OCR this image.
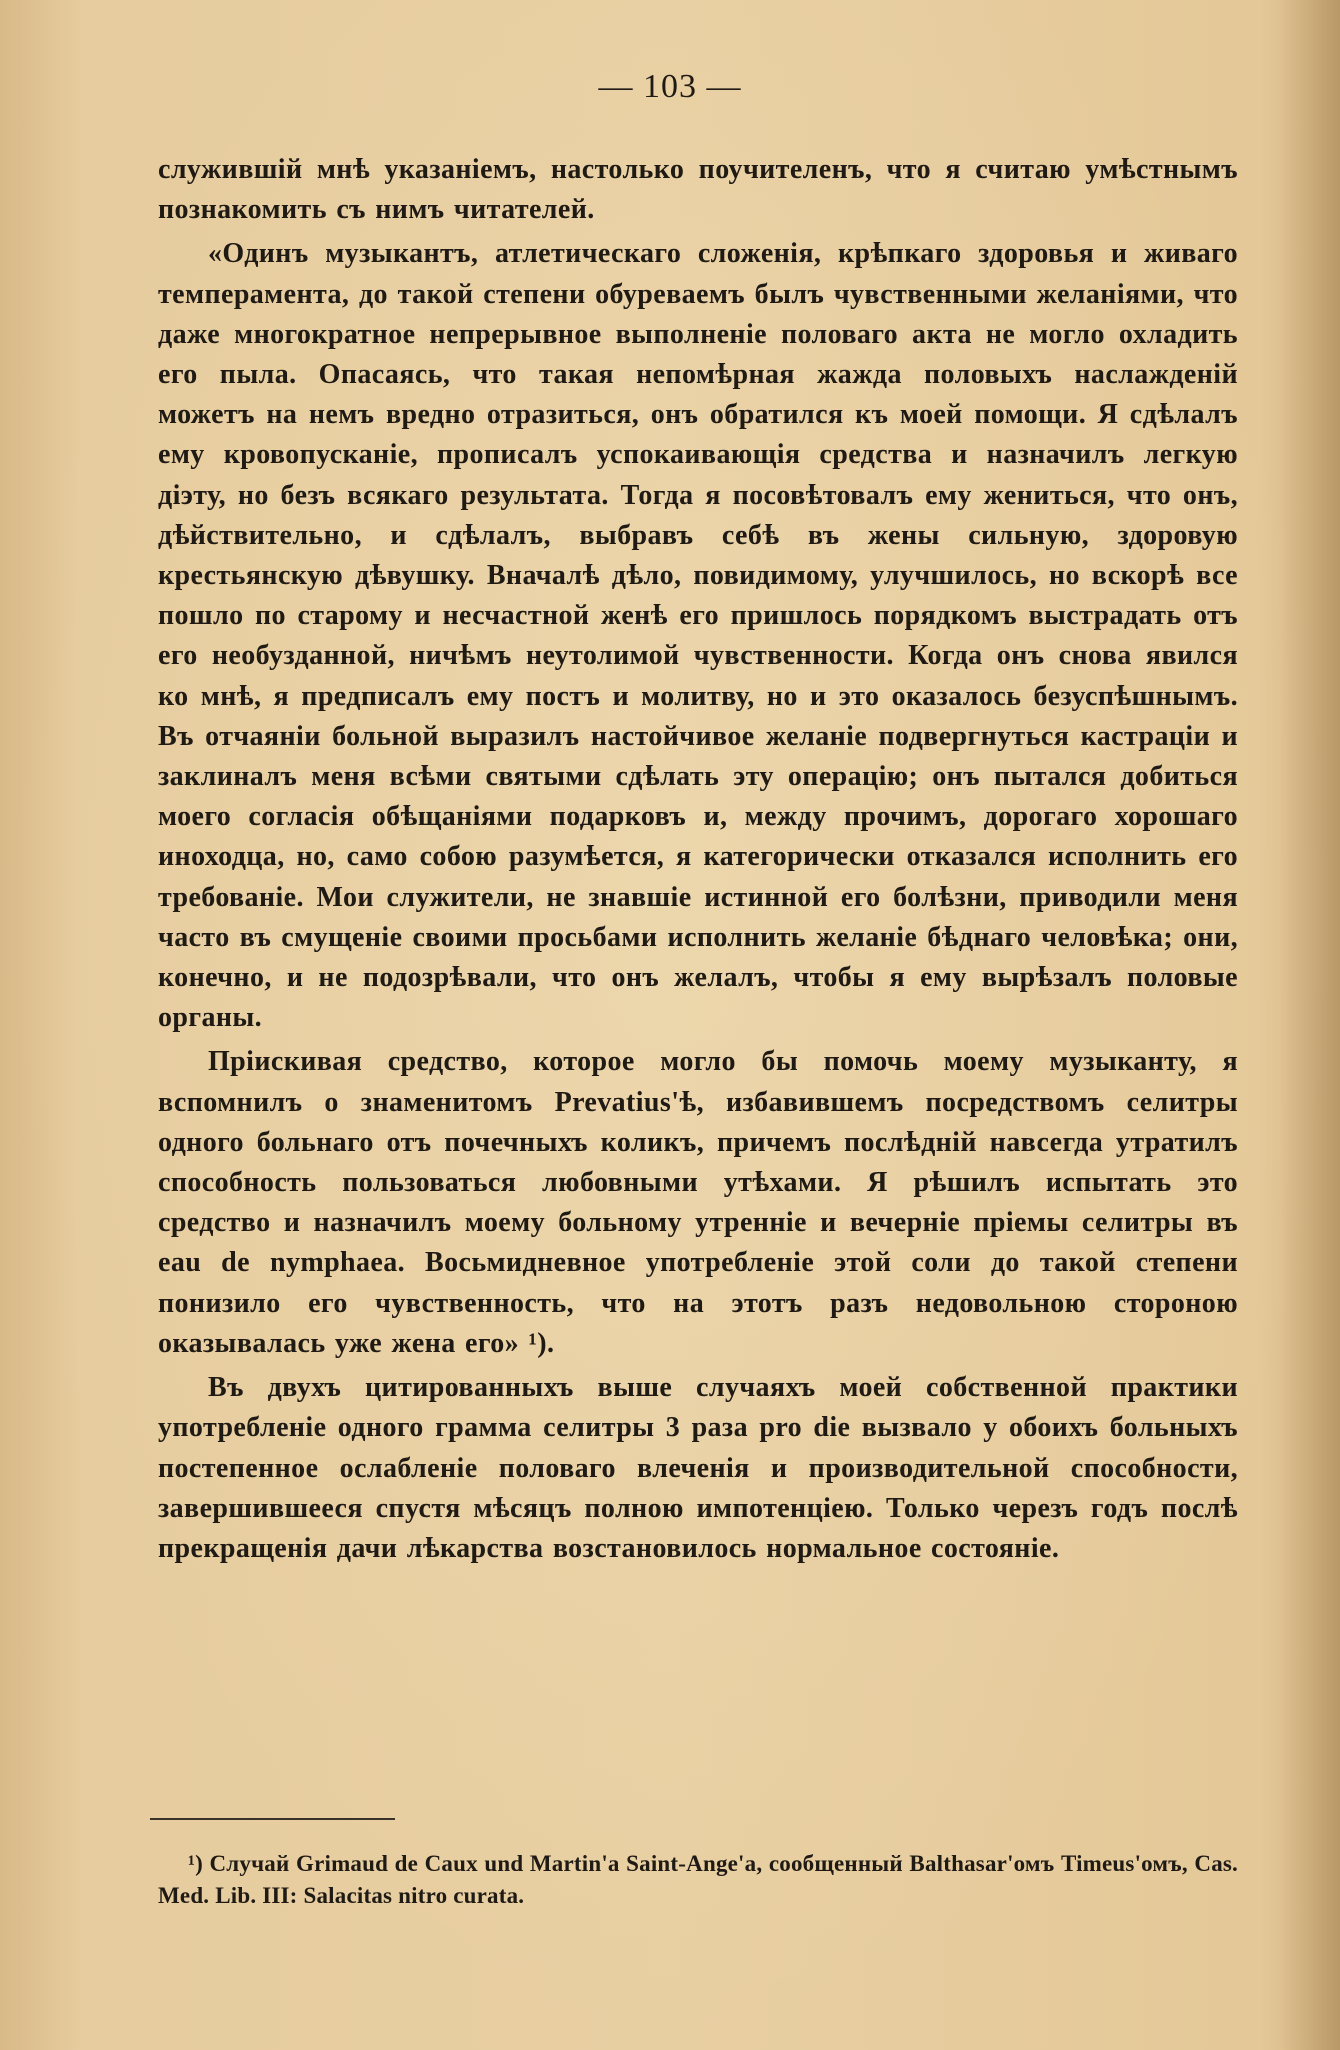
— 103 —

служившій мнѣ указаніемъ, настолько поучителенъ, что я считаю умѣстнымъ познакомить съ нимъ читателей.

«Одинъ музыкантъ, атлетическаго сложенія, крѣпкаго здоровья и живаго темперамента, до такой степени обуреваемъ былъ чувственными желаніями, что даже многократное непрерывное выполненіе половаго акта не могло охладить его пыла. Опасаясь, что такая непомѣрная жажда половыхъ наслажденій можетъ на немъ вредно отразиться, онъ обратился къ моей помощи. Я сдѣлалъ ему кровопусканіе, прописалъ успокаивающія средства и назначилъ легкую діэту, но безъ всякаго результата. Тогда я посовѣтовалъ ему жениться, что онъ, дѣйствительно, и сдѣлалъ, выбравъ себѣ въ жены сильную, здоровую крестьянскую дѣвушку. Вначалѣ дѣло, повидимому, улучшилось, но вскорѣ все пошло по старому и несчастной женѣ его пришлось порядкомъ выстрадать отъ его необузданной, ничѣмъ неутолимой чувственности. Когда онъ снова явился ко мнѣ, я предписалъ ему постъ и молитву, но и это оказалось безуспѣшнымъ. Въ отчаяніи больной выразилъ настойчивое желаніе подвергнуться кастраціи и заклиналъ меня всѣми святыми сдѣлать эту операцію; онъ пытался добиться моего согласія обѣщаніями подарковъ и, между прочимъ, дорогаго хорошаго иноходца, но, само собою разумѣется, я категорически отказался исполнить его требованіе. Мои служители, не знавшіе истинной его болѣзни, приводили меня часто въ смущеніе своими просьбами исполнить желаніе бѣднаго человѣка; они, конечно, и не подозрѣвали, что онъ желалъ, чтобы я ему вырѣзалъ половые органы.

Пріискивая средство, которое могло бы помочь моему музыканту, я вспомнилъ о знаменитомъ Prevatius'ѣ, избавившемъ посредствомъ селитры одного больнаго отъ почечныхъ коликъ, причемъ послѣдній навсегда утратилъ способность пользоваться любовными утѣхами. Я рѣшилъ испытать это средство и назначилъ моему больному утренніе и вечерніе пріемы селитры въ eau de nymphaea. Восьмидневное употребленіе этой соли до такой степени понизило его чувственность, что на этотъ разъ недовольною стороною оказывалась уже жена его» ¹).

Въ двухъ цитированныхъ выше случаяхъ моей собственной практики употребленіе одного грамма селитры 3 раза pro die вызвало у обоихъ больныхъ постепенное ослабленіе половаго влеченія и производительной способности, завершившееся спустя мѣсяцъ полною импотенціею. Только черезъ годъ послѣ прекращенія дачи лѣкарства возстановилось нормальное состояніе.

¹) Случай Grimaud de Caux und Martin'a Saint-Ange'a, сообщенный Balthasar'омъ Timeus'омъ, Cas. Med. Lib. III: Salacitas nitro curata.
